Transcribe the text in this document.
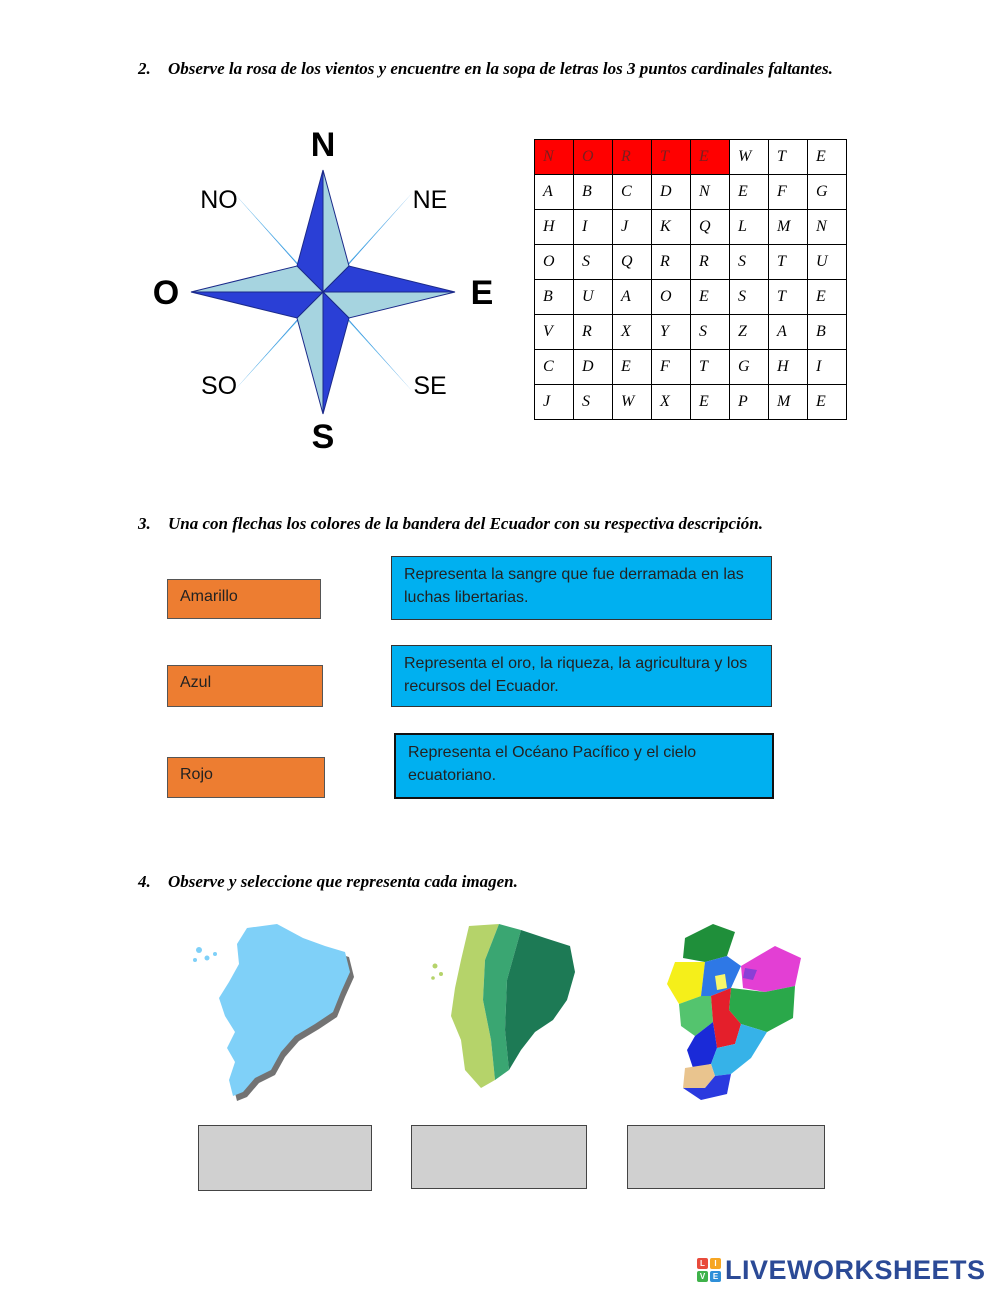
2. Observe la rosa de los vientos y encuentre en la sopa de letras los 3 puntos cardinales faltantes.
N
S
E
O
NE
NO
SE
SO
N	O	R	T	E	W	T	E
A	B	C	D	N	E	F	G
H	I	J	K	Q	L	M	N
O	S	Q	R	R	S	T	U
B	U	A	O	E	S	T	E
V	R	X	Y	S	Z	A	B
C	D	E	F	T	G	H	I
J	S	W	X	E	P	M	E
3. Una con flechas los colores de la bandera del Ecuador con su respectiva descripción.
Amarillo
Azul
Rojo
Representa la sangre que fue derramada en las luchas libertarias.
Representa el oro, la riqueza, la agricultura y los recursos del Ecuador.
Representa el Océano Pacífico y el cielo ecuatoriano.
4. Observe y seleccione que representa cada imagen.
L	I
V E LIVEWORKSHEETS
